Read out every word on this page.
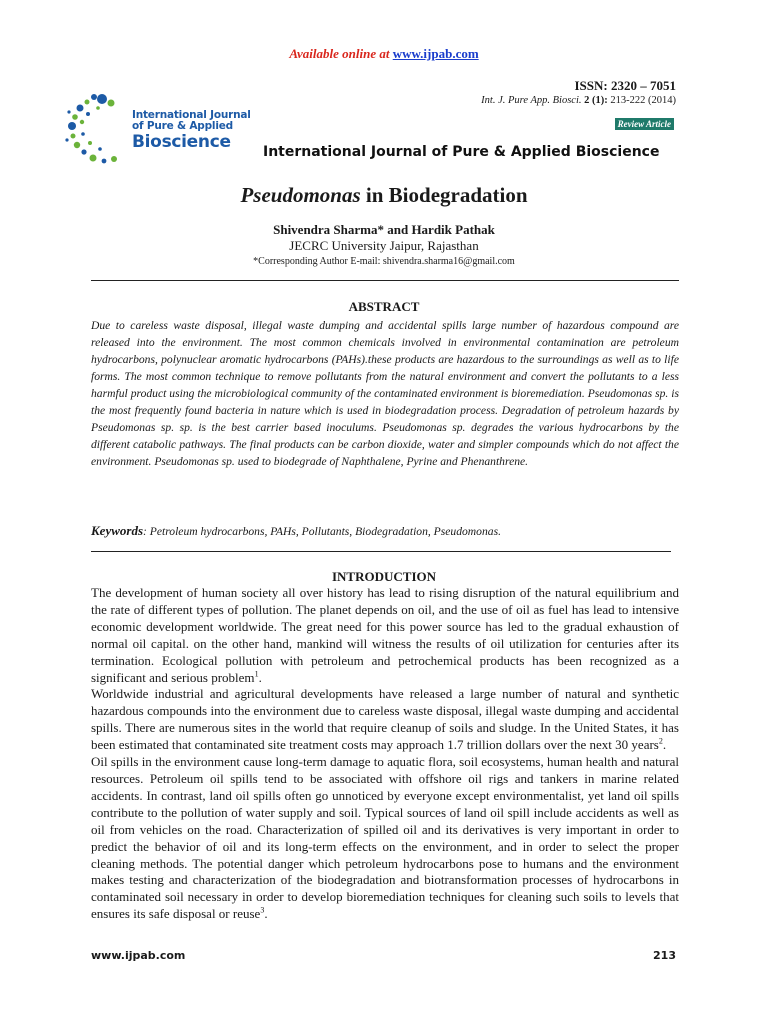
Available online at www.ijpab.com
ISSN: 2320 – 7051
Int. J. Pure App. Biosci. 2 (1): 213-222 (2014)
Review Article
International Journal
of Pure & Applied
Bioscience
International Journal of Pure & Applied Bioscience
Pseudomonas in Biodegradation
Shivendra Sharma* and Hardik Pathak
JECRC University Jaipur, Rajasthan
*Corresponding Author E-mail: shivendra.sharma16@gmail.com
ABSTRACT
Due to careless waste disposal, illegal waste dumping and accidental spills large number of hazardous compound are released into the environment. The most common chemicals involved in environmental contamination are petroleum hydrocarbons, polynuclear aromatic hydrocarbons (PAHs).these products are hazardous to the surroundings as well as to life forms. The most common technique to remove pollutants from the natural environment and convert the pollutants to a less harmful product using the microbiological community of the contaminated environment is bioremediation. Pseudomonas sp. is the most frequently found bacteria in nature which is used in biodegradation process. Degradation of petroleum hazards by Pseudomonas sp. sp. is the best carrier based inoculums. Pseudomonas sp. degrades the various hydrocarbons by the different catabolic pathways. The final products can be carbon dioxide, water and simpler compounds which do not affect the environment. Pseudomonas sp. used to biodegrade of Naphthalene, Pyrine and Phenanthrene.
Keywords: Petroleum hydrocarbons, PAHs, Pollutants, Biodegradation, Pseudomonas.
INTRODUCTION

The development of human society all over history has lead to rising disruption of the natural equilibrium and the rate of different types of pollution. The planet depends on oil, and the use of oil as fuel has lead to intensive economic development worldwide. The great need for this power source has led to the gradual exhaustion of normal oil capital. on the other hand, mankind will witness the results of oil utilization for centuries after its termination. Ecological pollution with petroleum and petrochemical products has been recognized as a significant and serious problem$^1$.

Worldwide industrial and agricultural developments have released a large number of natural and synthetic hazardous compounds into the environment due to careless waste disposal, illegal waste dumping and accidental spills. There are numerous sites in the world that require cleanup of soils and sludge. In the United States, it has been estimated that contaminated site treatment costs may approach 1.7 trillion dollars over the next 30 years$^2$.

Oil spills in the environment cause long-term damage to aquatic flora, soil ecosystems, human health and natural resources. Petroleum oil spills tend to be associated with offshore oil rigs and tankers in marine related accidents. In contrast, land oil spills often go unnoticed by everyone except environmentalist, yet land oil spills contribute to the pollution of water supply and soil. Typical sources of land oil spill include accidents as well as oil from vehicles on the road. Characterization of spilled oil and its derivatives is very important in order to predict the behavior of oil and its long-term effects on the environment, and in order to select the proper cleaning methods. The potential danger which petroleum hydrocarbons pose to humans and the environment makes testing and characterization of the biodegradation and biotransformation processes of hydrocarbons in contaminated soil necessary in order to develop bioremediation techniques for cleaning such soils to levels that ensures its safe disposal or reuse$^3$.

www.ijpab.com	213
